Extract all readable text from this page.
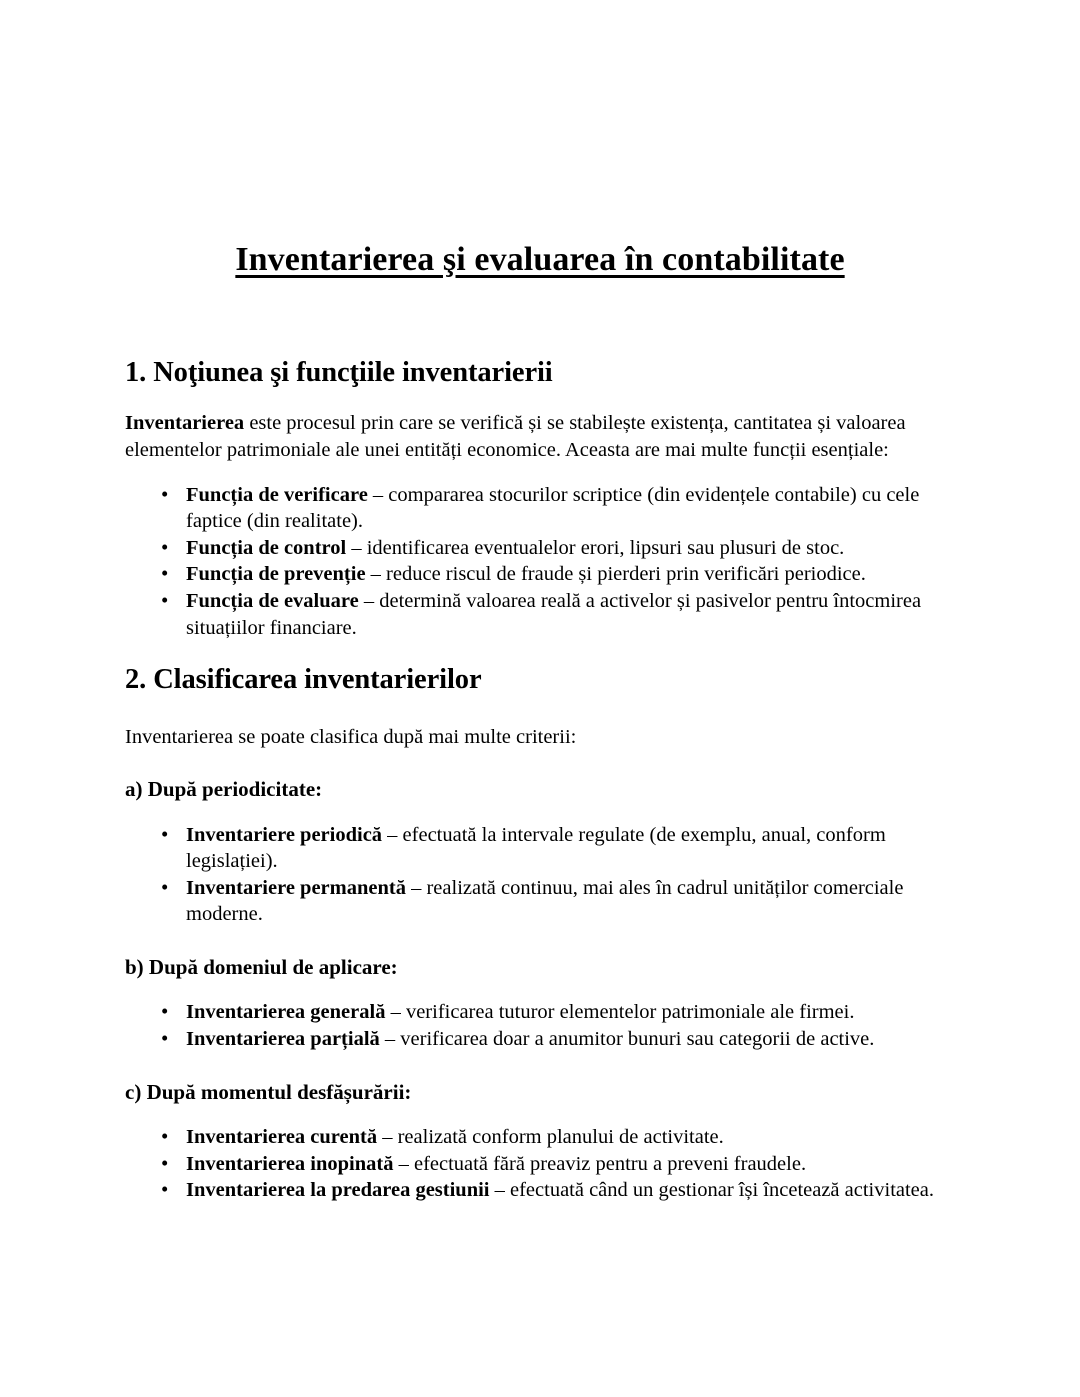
Inventarierea şi evaluarea în contabilitate
1. Noţiunea şi funcţiile inventarierii

Inventarierea este procesul prin care se verifică și se stabilește existența, cantitatea și valoarea elementelor patrimoniale ale unei entități economice. Aceasta are mai multe funcții esențiale:

• Funcția de verificare – compararea stocurilor scriptice (din evidențele contabile) cu cele faptice (din realitate).
• Funcția de control – identificarea eventualelor erori, lipsuri sau plusuri de stoc.
• Funcția de prevenție – reduce riscul de fraude și pierderi prin verificări periodice.
• Funcția de evaluare – determină valoarea reală a activelor și pasivelor pentru întocmirea situațiilor financiare.
2. Clasificarea inventarierilor

Inventarierea se poate clasifica după mai multe criterii:

a) După periodicitate:
• Inventariere periodică – efectuată la intervale regulate (de exemplu, anual, conform legislației).
• Inventariere permanentă – realizată continuu, mai ales în cadrul unităților comerciale moderne.
b) După domeniul de aplicare:
• Inventarierea generală – verificarea tuturor elementelor patrimoniale ale firmei.
• Inventarierea parțială – verificarea doar a anumitor bunuri sau categorii de active.
c) După momentul desfășurării:
• Inventarierea curentă – realizată conform planului de activitate.
• Inventarierea inopinată – efectuată fără preaviz pentru a preveni fraudele.
• Inventarierea la predarea gestiunii – efectuată când un gestionar își încetează activitatea.
